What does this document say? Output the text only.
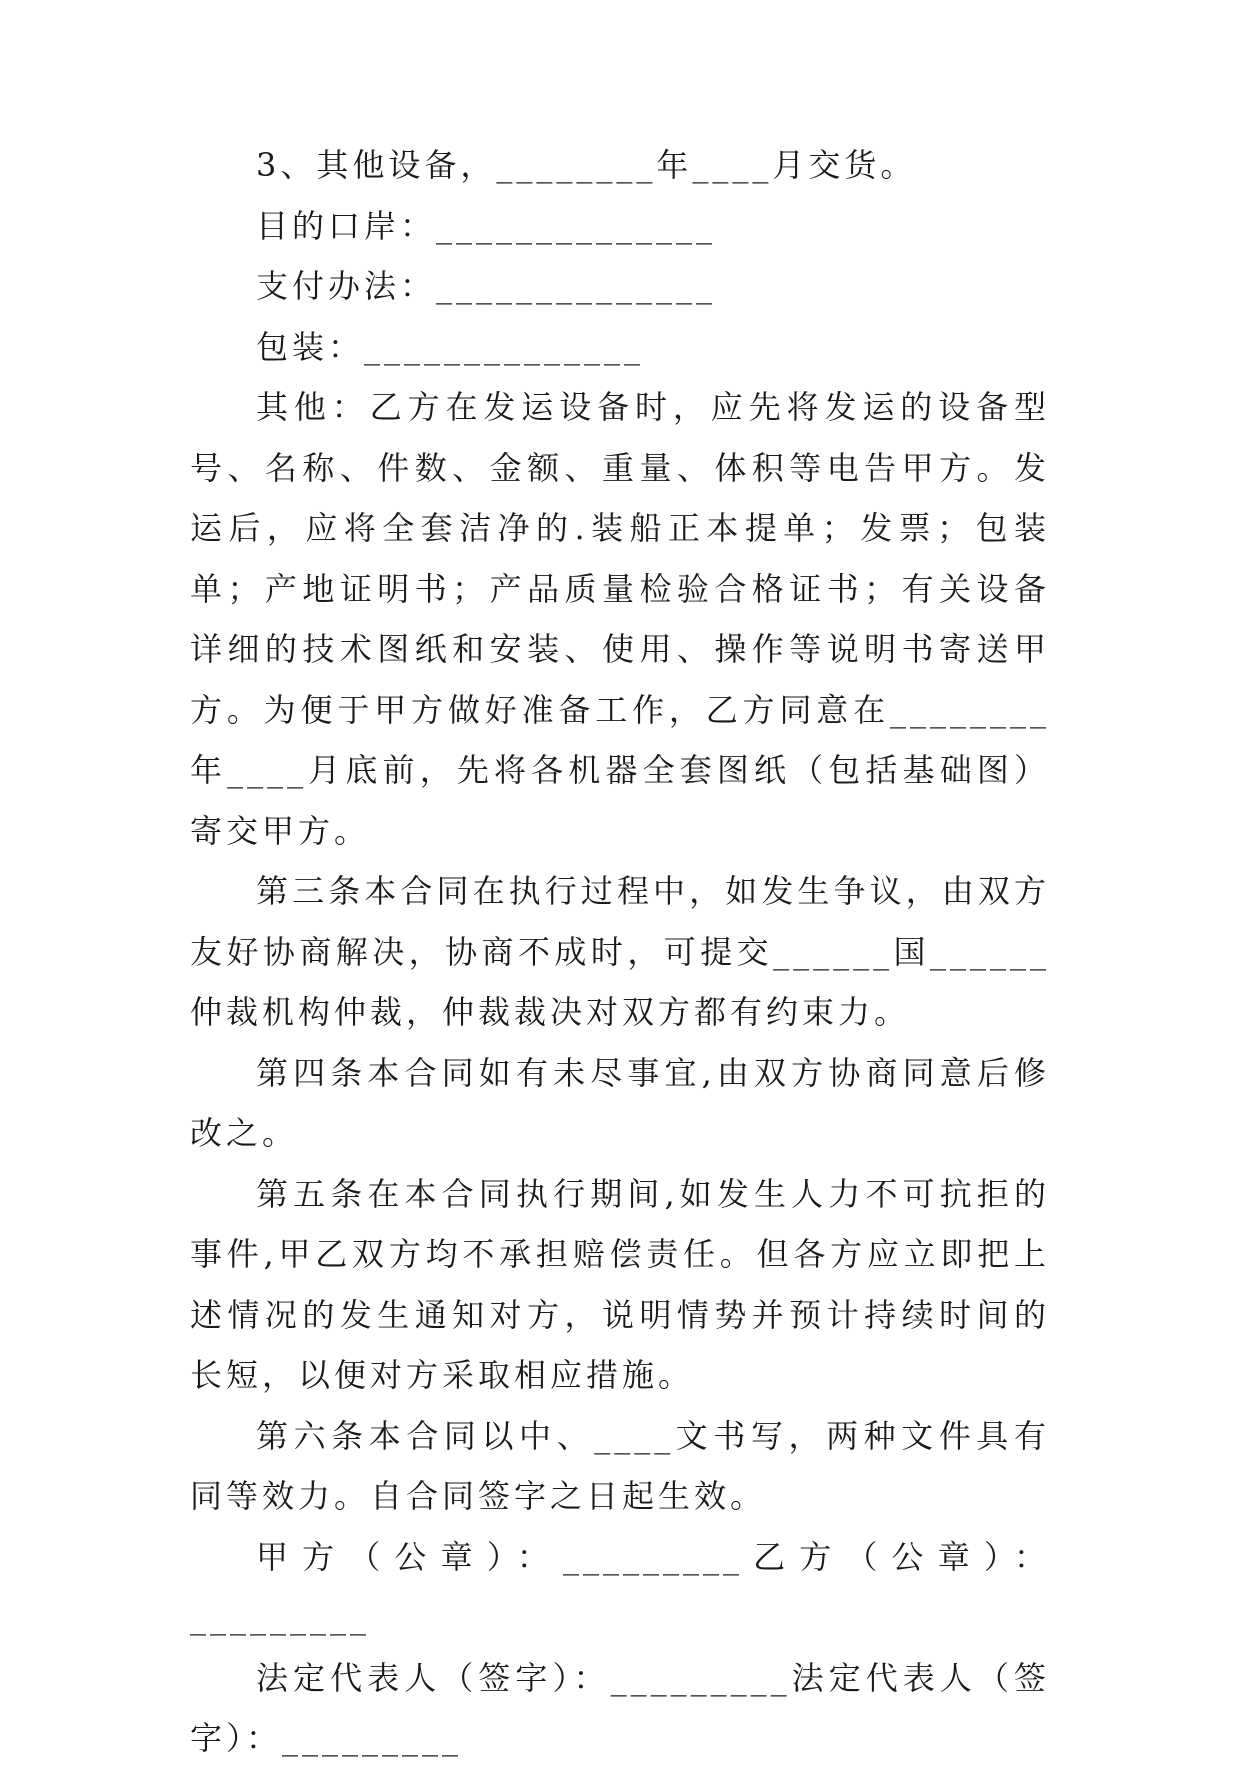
3、其他设备，________年____月交货。

目的口岸：______________

支付办法：______________

包装：______________

其他：乙方在发运设备时，应先将发运的设备型号、名称、件数、金额、重量、体积等电告甲方。发运后，应将全套洁净的.装船正本提单；发票；包装单；产地证明书；产品质量检验合格证书；有关设备详细的技术图纸和安装、使用、操作等说明书寄送甲方。为便于甲方做好准备工作，乙方同意在________年____月底前，先将各机器全套图纸（包括基础图）寄交甲方。

第三条本合同在执行过程中，如发生争议，由双方友好协商解决，协商不成时，可提交______国______仲裁机构仲裁，仲裁裁决对双方都有约束力。

第四条本合同如有未尽事宜,由双方协商同意后修改之。

第五条在本合同执行期间,如发生人力不可抗拒的事件,甲乙双方均不承担赔偿责任。但各方应立即把上述情况的发生通知对方，说明情势并预计持续时间的长短，以便对方采取相应措施。

第六条本合同以中、____文书写，两种文件具有同等效力。自合同签字之日起生效。

甲方（公章）：_________乙方（公章）：_________

法定代表人（签字）：_________法定代表人（签字）：_________
